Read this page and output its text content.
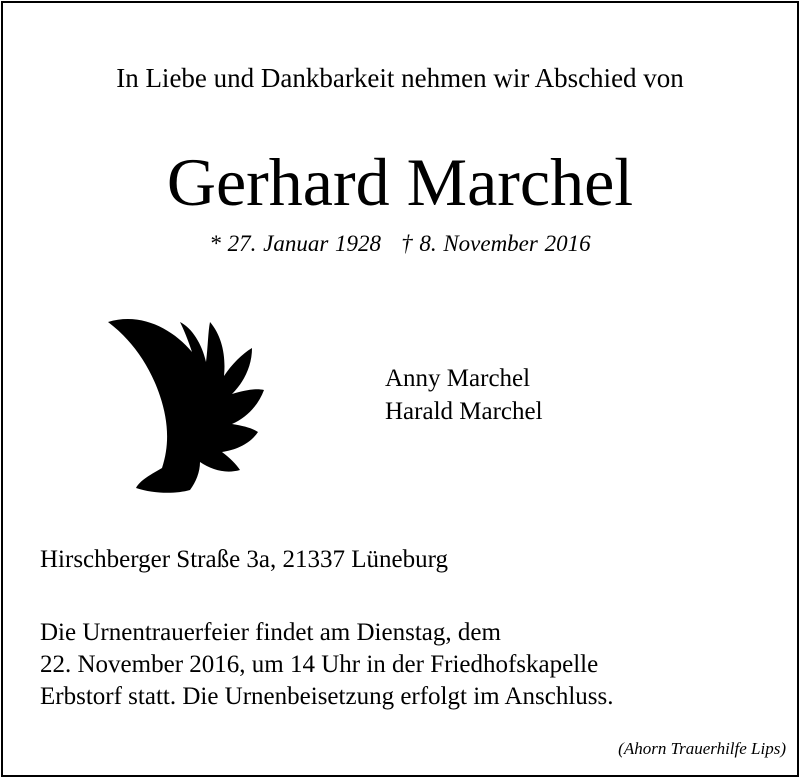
In Liebe und Dankbarkeit nehmen wir Abschied von
Gerhard Marchel
* 27. Januar 1928 † 8. November 2016
Anny Marchel
Harald Marchel
Hirschberger Straße 3a, 21337 Lüneburg
Die Urnentrauerfeier findet am Dienstag, dem
22. November 2016, um 14 Uhr in der Friedhofskapelle
Erbstorf statt. Die Urnenbeisetzung erfolgt im Anschluss.
(Ahorn Trauerhilfe Lips)
